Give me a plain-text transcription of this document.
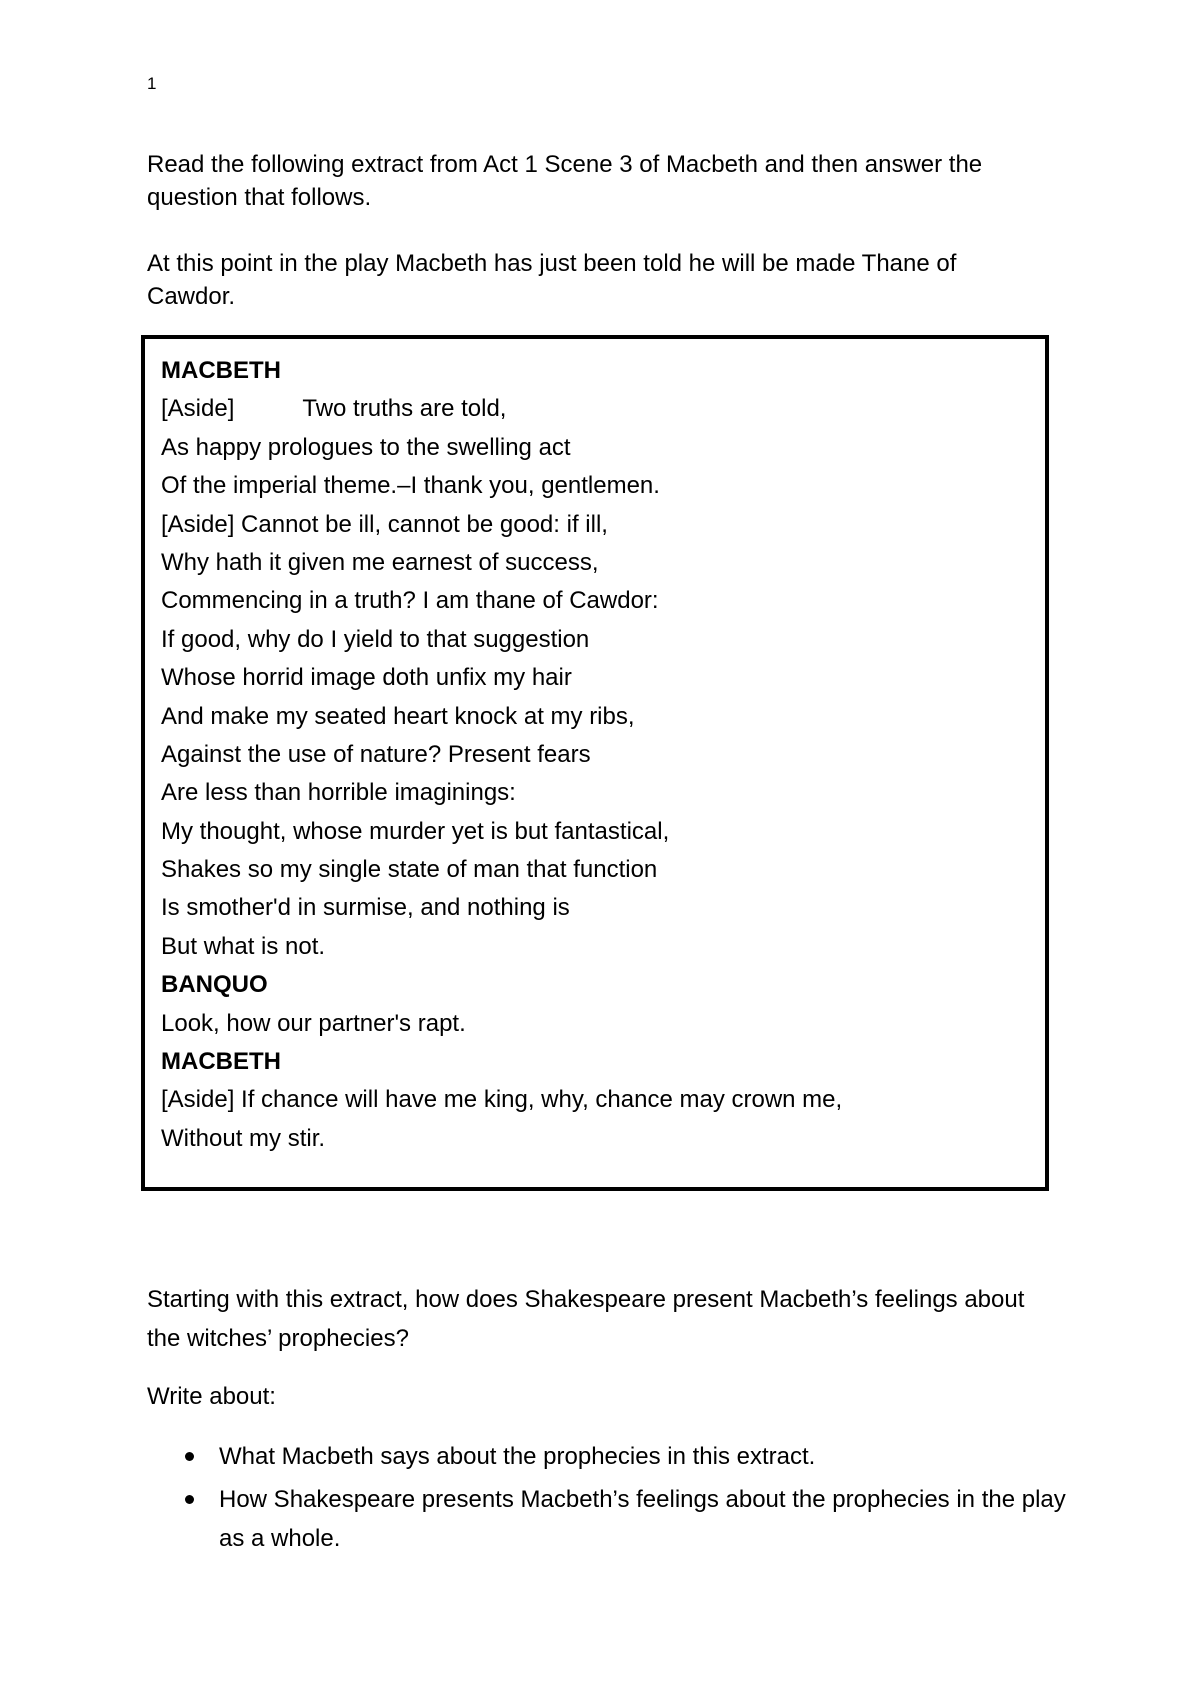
1

Read the following extract from Act 1 Scene 3 of Macbeth and then answer the question that follows.

At this point in the play Macbeth has just been told he will be made Thane of Cawdor.

MACBETH
[Aside]	Two truths are told,
As happy prologues to the swelling act
Of the imperial theme.–I thank you, gentlemen.
[Aside] Cannot be ill, cannot be good: if ill,
Why hath it given me earnest of success,
Commencing in a truth? I am thane of Cawdor:
If good, why do I yield to that suggestion
Whose horrid image doth unfix my hair
And make my seated heart knock at my ribs,
Against the use of nature? Present fears
Are less than horrible imaginings:
My thought, whose murder yet is but fantastical,
Shakes so my single state of man that function
Is smother'd in surmise, and nothing is
But what is not.
BANQUO
Look, how our partner's rapt.
MACBETH
[Aside] If chance will have me king, why, chance may crown me,
Without my stir.

Starting with this extract, how does Shakespeare present Macbeth’s feelings about the witches’ prophecies?

Write about:

What Macbeth says about the prophecies in this extract.
How Shakespeare presents Macbeth’s feelings about the prophecies in the play as a whole.
